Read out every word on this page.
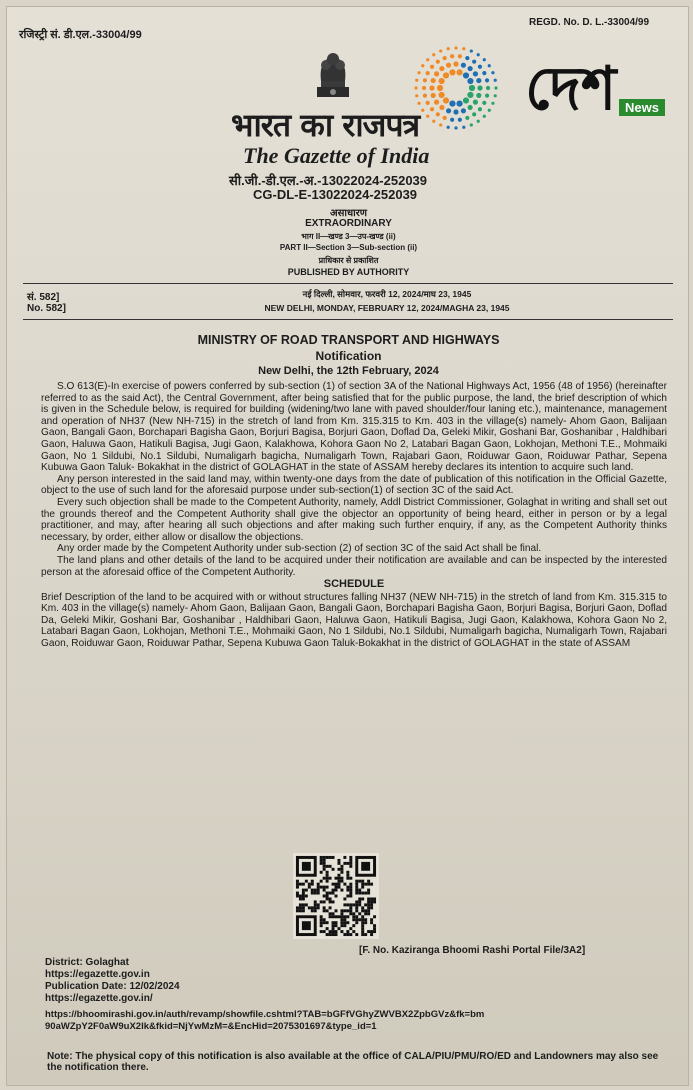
रजिस्ट्री सं. डी.एल.-33004/99
REGD. No. D. L.-33004/99
भारत का राजपत्र
The Gazette of India
सी.जी.-डी.एल.-अ.-13022024-252039
CG-DL-E-13022024-252039
असाधारण
EXTRAORDINARY
भाग II—खण्ड 3—उप-खण्ड (ii)
PART II—Section 3—Sub-section (ii)
प्राधिकार से प्रकाशित
PUBLISHED BY AUTHORITY
দেশ News
सं. 582]
No. 582]
नई दिल्ली, सोमवार, फरवरी 12, 2024/माघ 23, 1945
NEW DELHI, MONDAY, FEBRUARY 12, 2024/MAGHA 23, 1945
MINISTRY OF ROAD TRANSPORT AND HIGHWAYS
Notification
New Delhi, the 12th February, 2024

S.O 613(E)-In exercise of powers conferred by sub-section (1) of section 3A of the National Highways Act, 1956 (48 of 1956) (hereinafter referred to as the said Act), the Central Government, after being satisfied that for the public purpose, the land, the brief description of which is given in the Schedule below, is required for building (widening/two lane with paved shoulder/four laning etc.), maintenance, management and operation of NH37 (New NH-715) in the stretch of land from Km. 315.315 to Km. 403 in the village(s) namely- Ahom Gaon, Balijaan Gaon, Bangali Gaon, Borchapari Bagisha Gaon, Borjuri Bagisa, Borjuri Gaon, Doflad Da, Geleki Mikir, Goshani Bar, Goshanibar , Haldhibari Gaon, Haluwa Gaon, Hatikuli Bagisa, Jugi Gaon, Kalakhowa, Kohora Gaon No 2, Latabari Bagan Gaon, Lokhojan, Methoni T.E., Mohmaiki Gaon, No 1 Sildubi, No.1 Sildubi, Numaligarh bagicha, Numaligarh Town, Rajabari Gaon, Roiduwar Gaon, Roiduwar Pathar, Sepena Kubuwa Gaon Taluk- Bokakhat in the district of GOLAGHAT in the state of ASSAM hereby declares its intention to acquire such land.

Any person interested in the said land may, within twenty-one days from the date of publication of this notification in the Official Gazette, object to the use of such land for the aforesaid purpose under sub-section(1) of section 3C of the said Act.

Every such objection shall be made to the Competent Authority, namely, Addl District Commissioner, Golaghat in writing and shall set out the grounds thereof and the Competent Authority shall give the objector an opportunity of being heard, either in person or by a legal practitioner, and may, after hearing all such objections and after making such further enquiry, if any, as the Competent Authority thinks necessary, by order, either allow or disallow the objections.

Any order made by the Competent Authority under sub-section (2) of section 3C of the said Act shall be final.

The land plans and other details of the land to be acquired under their notification are available and can be inspected by the interested person at the aforesaid office of the Competent Authority.

SCHEDULE

Brief Description of the land to be acquired with or without structures falling NH37 (NEW NH-715) in the stretch of land from Km. 315.315 to Km. 403 in the village(s) namely- Ahom Gaon, Balijaan Gaon, Bangali Gaon, Borchapari Bagisha Gaon, Borjuri Bagisa, Borjuri Gaon, Doflad Da, Geleki Mikir, Goshani Bar, Goshanibar , Haldhibari Gaon, Haluwa Gaon, Hatikuli Bagisa, Jugi Gaon, Kalakhowa, Kohora Gaon No 2, Latabari Bagan Gaon, Lokhojan, Methoni T.E., Mohmaiki Gaon, No 1 Sildubi, No.1 Sildubi, Numaligarh bagicha, Numaligarh Town, Rajabari Gaon, Roiduwar Gaon, Roiduwar Pathar, Sepena Kubuwa Gaon Taluk-Bokakhat in the district of GOLAGHAT in the state of ASSAM

[F. No. Kaziranga Bhoomi Rashi Portal File/3A2]
District: Golaghat
https://egazette.gov.in
Publication Date: 12/02/2024
https://egazette.gov.in/
https://bhoomirashi.gov.in/auth/revamp/showfile.cshtml?TAB=bGFfVGhyZWVBX2ZpbGVz&fk=bm
90aWZpY2F0aW9uX2lk&fkid=NjYwMzM=&EncHid=2075301697&type_id=1
Note: The physical copy of this notification is also available at the office of CALA/PIU/PMU/RO/ED and Landowners may also see the notification there.
